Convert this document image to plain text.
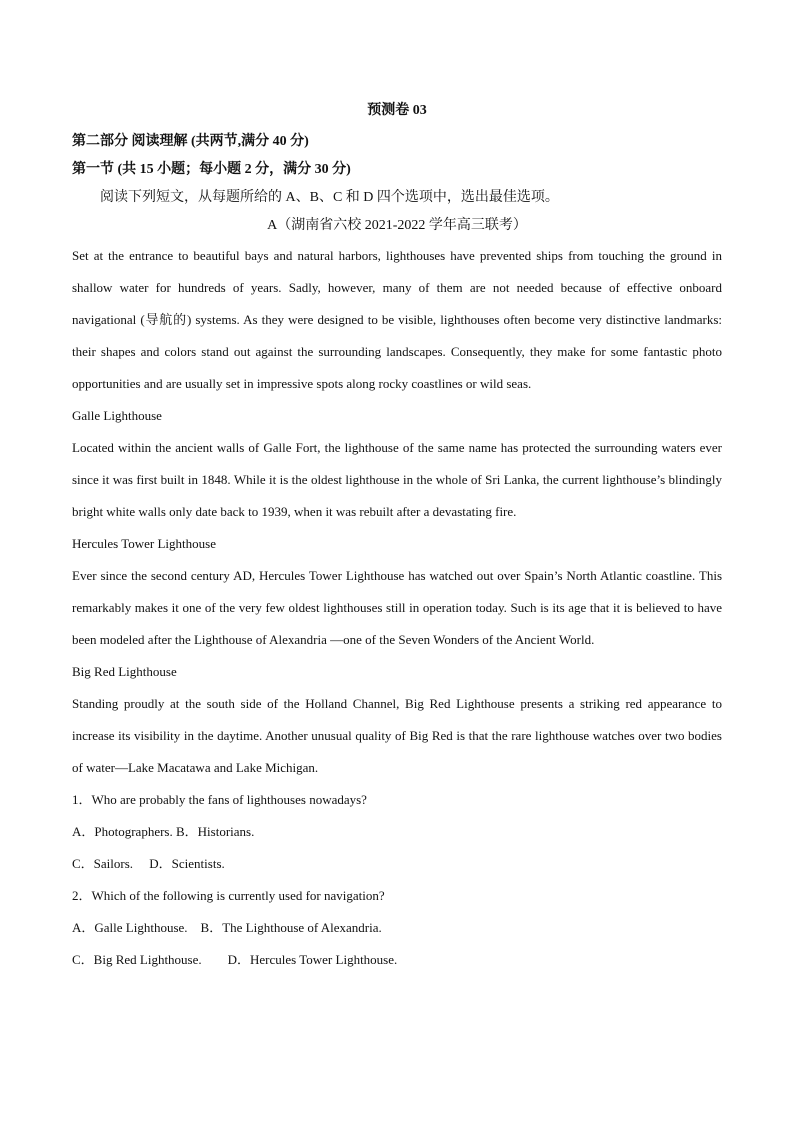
预测卷 03
第二部分 阅读理解 (共两节,满分 40 分)
第一节 (共 15 小题；每小题 2 分，满分 30 分)
阅读下列短文，从每题所给的 A、B、C 和 D 四个选项中，选出最佳选项。
A（湖南省六校 2021-2022 学年高三联考）

Set at the entrance to beautiful bays and natural harbors, lighthouses have prevented ships from touching the ground in shallow water for hundreds of years. Sadly, however, many of them are not needed because of effective onboard navigational (导航的) systems. As they were designed to be visible, lighthouses often become very distinctive landmarks: their shapes and colors stand out against the surrounding landscapes. Consequently, they make for some fantastic photo opportunities and are usually set in impressive spots along rocky coastlines or wild seas.

Galle Lighthouse

Located within the ancient walls of Galle Fort, the lighthouse of the same name has protected the surrounding waters ever since it was first built in 1848. While it is the oldest lighthouse in the whole of Sri Lanka, the current lighthouse’s blindingly bright white walls only date back to 1939, when it was rebuilt after a devastating fire.

Hercules Tower Lighthouse

Ever since the second century AD, Hercules Tower Lighthouse has watched out over Spain’s North Atlantic coastline. This remarkably makes it one of the very few oldest lighthouses still in operation today. Such is its age that it is believed to have been modeled after the Lighthouse of Alexandria —one of the Seven Wonders of the Ancient World.

Big Red Lighthouse

Standing proudly at the south side of the Holland Channel, Big Red Lighthouse presents a striking red appearance to increase its visibility in the daytime. Another unusual quality of Big Red is that the rare lighthouse watches over two bodies of water—Lake Macatawa and Lake Michigan.

1．Who are probably the fans of lighthouses nowadays?

A．Photographers. B．Historians.

C．Sailors.     D．Scientists.

2．Which of the following is currently used for navigation?

A．Galle Lighthouse.    B．The Lighthouse of Alexandria.

C．Big Red Lighthouse.        D．Hercules Tower Lighthouse.
